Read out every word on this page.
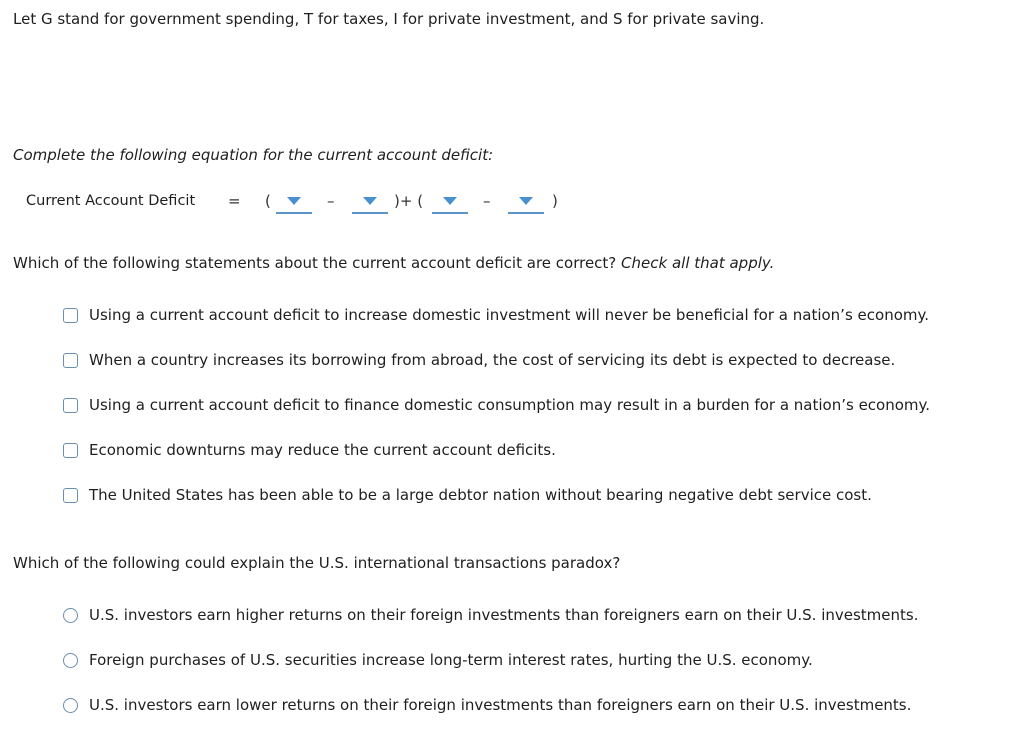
Let G stand for government spending, T for taxes, I for private investment, and S for private saving.
Complete the following equation for the current account deficit:
Current Account Deficit = (	–	)+ (	–	)
Which of the following statements about the current account deficit are correct? Check all that apply.
Using a current account deficit to increase domestic investment will never be beneficial for a nation’s economy.
When a country increases its borrowing from abroad, the cost of servicing its debt is expected to decrease.
Using a current account deficit to finance domestic consumption may result in a burden for a nation’s economy.
Economic downturns may reduce the current account deficits.
The United States has been able to be a large debtor nation without bearing negative debt service cost.
Which of the following could explain the U.S. international transactions paradox?
U.S. investors earn higher returns on their foreign investments than foreigners earn on their U.S. investments.
Foreign purchases of U.S. securities increase long-term interest rates, hurting the U.S. economy.
U.S. investors earn lower returns on their foreign investments than foreigners earn on their U.S. investments.
